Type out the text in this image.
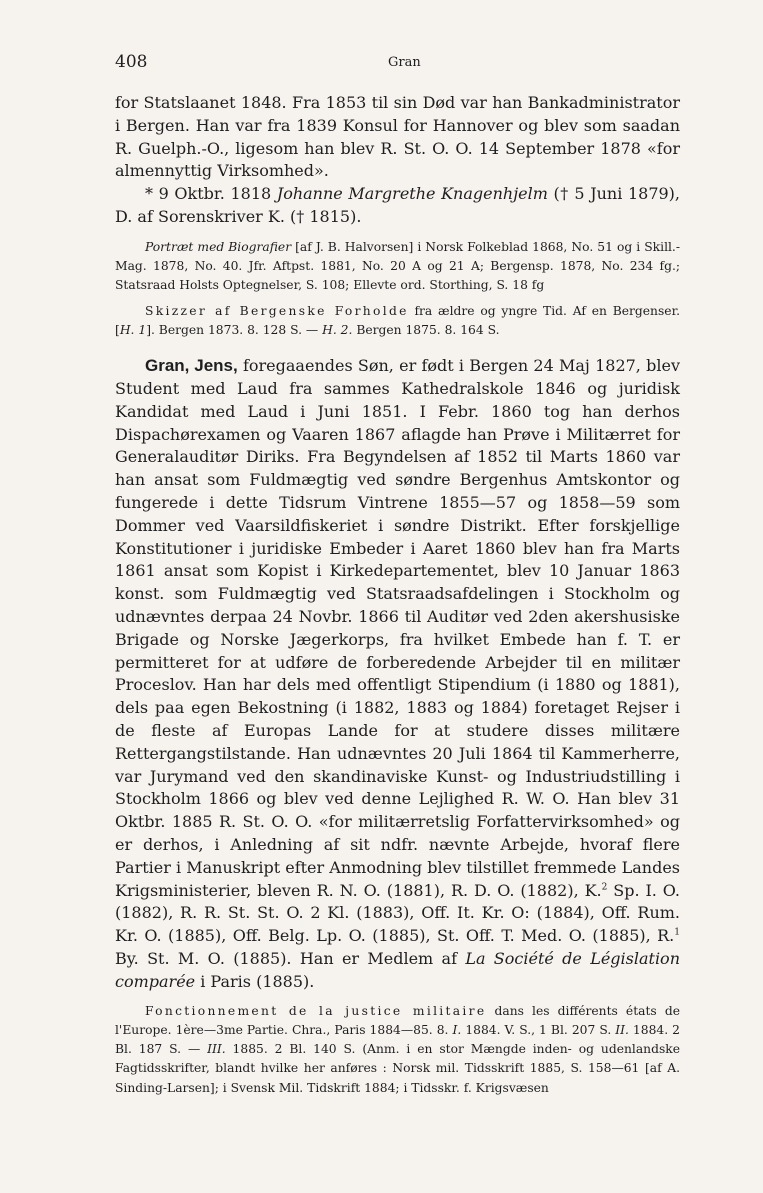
408	Gran

for Statslaanet 1848. Fra 1853 til sin Død var han Bankadministrator i Bergen. Han var fra 1839 Konsul for Hannover og blev som saadan R. Guelph.-O., ligesom han blev R. St. O. O. 14 September 1878 «for almennyttig Virksomhed».

* 9 Oktbr. 1818 Johanne Margrethe Knagenhjelm († 5 Juni 1879), D. af Sorenskriver K. († 1815).

Portræt med Biografier [af J. B. Halvorsen] i Norsk Folkeblad 1868, No. 51 og i Skill.-Mag. 1878, No. 40. Jfr. Aftpst. 1881, No. 20 A og 21 A; Bergensp. 1878, No. 234 fg.; Statsraad Holsts Optegnelser, S. 108; Ellevte ord. Storthing, S. 18 fg

Skizzer af Bergenske Forholde fra ældre og yngre Tid. Af en Bergenser. [H. 1]. Bergen 1873. 8. 128 S. — H. 2. Bergen 1875. 8. 164 S.

Gran, Jens, foregaaendes Søn, er født i Bergen 24 Maj 1827, blev Student med Laud fra sammes Kathedralskole 1846 og juridisk Kandidat med Laud i Juni 1851. I Febr. 1860 tog han derhos Dispachørexamen og Vaaren 1867 aflagde han Prøve i Militærret for Generalauditør Diriks. Fra Begyndelsen af 1852 til Marts 1860 var han ansat som Fuldmægtig ved søndre Bergenhus Amtskontor og fungerede i dette Tidsrum Vintrene 1855—57 og 1858—59 som Dommer ved Vaarsildfiskeriet i søndre Distrikt. Efter forskjellige Konstitutioner i juridiske Embeder i Aaret 1860 blev han fra Marts 1861 ansat som Kopist i Kirkedepartementet, blev 10 Januar 1863 konst. som Fuldmægtig ved Statsraadsafdelingen i Stockholm og udnævntes derpaa 24 Novbr. 1866 til Auditør ved 2den akershusiske Brigade og Norske Jægerkorps, fra hvilket Embede han f. T. er permitteret for at udføre de forberedende Arbejder til en militær Proceslov. Han har dels med offentligt Stipendium (i 1880 og 1881), dels paa egen Bekostning (i 1882, 1883 og 1884) foretaget Rejser i de fleste af Europas Lande for at studere disses militære Rettergangstilstande. Han udnævntes 20 Juli 1864 til Kammerherre, var Jurymand ved den skandinaviske Kunst- og Industriudstilling i Stockholm 1866 og blev ved denne Lejlighed R. W. O. Han blev 31 Oktbr. 1885 R. St. O. O. «for militærretslig Forfattervirksomhed» og er derhos, i Anledning af sit ndfr. nævnte Arbejde, hvoraf flere Partier i Manuskript efter Anmodning blev tilstillet fremmede Landes Krigsministerier, bleven R. N. O. (1881), R. D. O. (1882), K.$^2$ Sp. I. O. (1882), R. R. St. St. O. 2 Kl. (1883), Off. It. Kr. O: (1884), Off. Rum. Kr. O. (1885), Off. Belg. Lp. O. (1885), St. Off. T. Med. O. (1885), R.$^1$ By. St. M. O. (1885). Han er Medlem af La Société de Législation comparée i Paris (1885).

Fonctionnement de la justice militaire dans les différents états de l'Europe. 1ère—3me Partie. Chra., Paris 1884—85. 8. I. 1884. V. S., 1 Bl. 207 S. II. 1884. 2 Bl. 187 S. — III. 1885. 2 Bl. 140 S. (Anm. i en stor Mængde inden- og udenlandske Fagtidsskrifter, blandt hvilke her anføres : Norsk mil. Tidsskrift 1885, S. 158—61 [af A. Sinding-Larsen]; i Svensk Mil. Tidskrift 1884; i Tidsskr. f. Krigsvæsen
